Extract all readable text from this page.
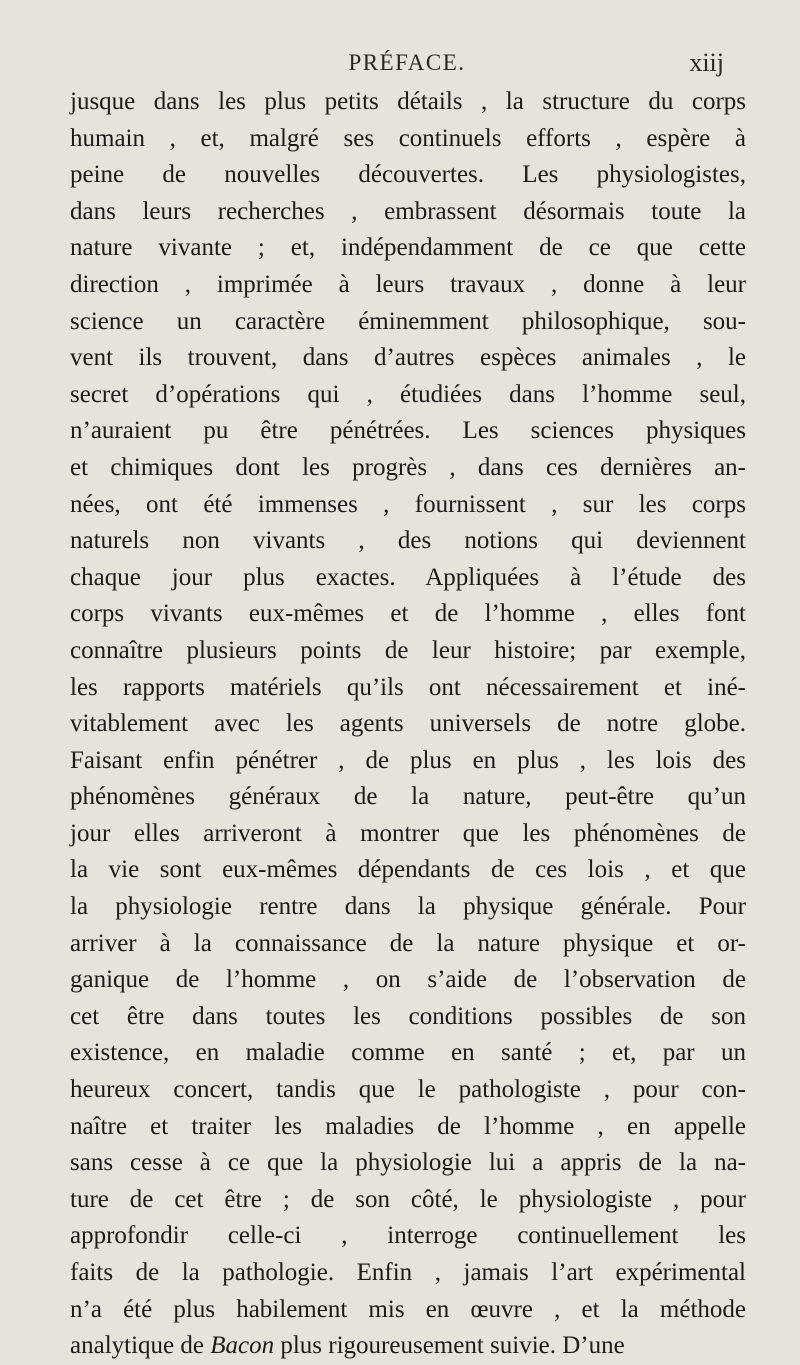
PRÉFACE.	xiij
jusque dans les plus petits détails , la structure du corps
humain , et, malgré ses continuels efforts , espère à
peine de nouvelles découvertes. Les physiologistes,
dans leurs recherches , embrassent désormais toute la
nature vivante ; et, indépendamment de ce que cette
direction , imprimée à leurs travaux , donne à leur
science un caractère éminemment philosophique, sou-
vent ils trouvent, dans d’autres espèces animales , le
secret d’opérations qui , étudiées dans l’homme seul,
n’auraient pu être pénétrées. Les sciences physiques
et chimiques dont les progrès , dans ces dernières an-
nées, ont été immenses , fournissent , sur les corps
naturels non vivants , des notions qui deviennent
chaque jour plus exactes. Appliquées à l’étude des
corps vivants eux-mêmes et de l’homme , elles font
connaître plusieurs points de leur histoire; par exemple,
les rapports matériels qu’ils ont nécessairement et iné-
vitablement avec les agents universels de notre globe.
Faisant enfin pénétrer , de plus en plus , les lois des
phénomènes généraux de la nature, peut-être qu’un
jour elles arriveront à montrer que les phénomènes de
la vie sont eux-mêmes dépendants de ces lois , et que
la physiologie rentre dans la physique générale. Pour
arriver à la connaissance de la nature physique et or-
ganique de l’homme , on s’aide de l’observation de
cet être dans toutes les conditions possibles de son
existence, en maladie comme en santé ; et, par un
heureux concert, tandis que le pathologiste , pour con-
naître et traiter les maladies de l’homme , en appelle
sans cesse à ce que la physiologie lui a appris de la na-
ture de cet être ; de son côté, le physiologiste , pour
approfondir celle-ci , interroge continuellement les
faits de la pathologie. Enfin , jamais l’art expérimental
n’a été plus habilement mis en œuvre , et la méthode
analytique de Bacon plus rigoureusement suivie. D’une
